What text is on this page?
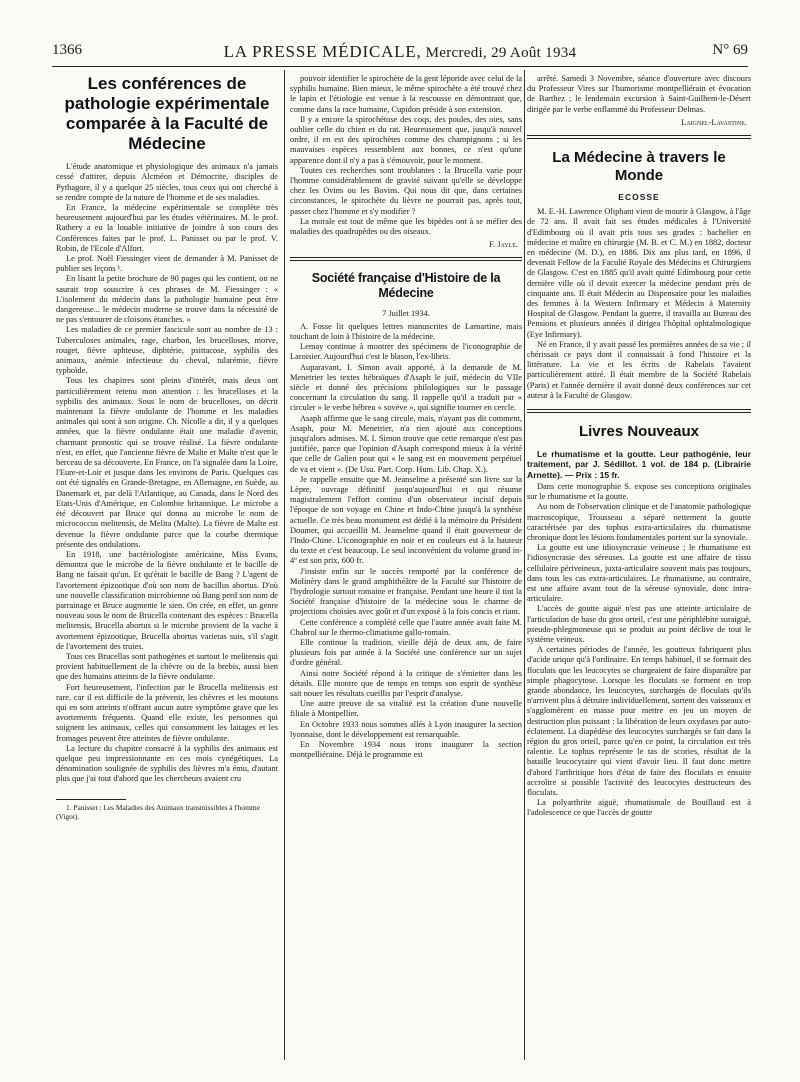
1366	LA PRESSE MÉDICALE, Mercredi, 29 Août 1934	N° 69
Les conférences de pathologie expérimentale comparée à la Faculté de Médecine

L'étude anatomique et physiologique des animaux n'a jamais cessé d'attirer, depuis Alcméon et Démocrite, disciples de Pythagore, il y a quelque 25 siècles, tous ceux qui ont cherché à se rendre compte de la nature de l'homme et de ses maladies.

En France, la médecine expérimentale se complète très heureusement aujourd'hui par les études vétérinaires. M. le prof. Rathery a eu la louable initiative de joindre à son cours des Conférences faites par le prof. L. Panisset ou par le prof. V. Robin, de l'Ecole d'Alfort.

Le prof. Noël Fiessinger vient de demander à M. Panisset de publier ses leçons ¹.

En lisant la petite brochure de 90 pages qui les contient, on ne saurait trop souscrire à ces phrases de M. Fiessinger : « L'isolement du médecin dans la pathologie humaine peut être dangereuse... le médecin moderne se trouve dans la nécessité de ne pas s'entourer de cloisons étanches. »

Les maladies de ce premier fascicule sont au nombre de 13 : Tuberculoses animales, rage, charbon, les brucelloses, morve, rouget, fièvre aphteuse, diphtérie, psittacose, syphilis des animaux, anémie infectieuse du cheval, tularémie, fièvre typhoïde.

Tous les chapitres sont pleins d'intérêt, mais deux ont particulièrement retenu mon attention : les brucelloses et la syphilis des animaux. Sous le nom de brucelloses, on décrit maintenant la fièvre ondulante de l'homme et les maladies animales qui sont à son origine. Ch. Nicolle a dit, il y a quelques années, que la fièvre ondulante était une maladie d'avenir, charmant pronostic qui se trouve réalisé. La fièvre ondulante n'est, en effet, que l'ancienne fièvre de Malte et Malte n'est que le berceau de sa découverte. En France, on l'a signalée dans la Loire, l'Eure-et-Loir et jusque dans les environs de Paris. Quelques cas ont été signalés en Grande-Bretagne, en Allemagne, en Suède, au Danemark et, par delà l'Atlantique, au Canada, dans le Nord des Etats-Unis d'Amérique, en Colombie britannique. Le microbe a été découvert par Bruce qui donna au microbe le nom de micrococcus melitensis, de Melita (Malte). La fièvre de Malte est devenue la fièvre ondulante parce que la courbe thermique présente des ondulations.

En 1918, une bactériologiste américaine, Miss Evans, démontra que le microbe de la fièvre ondulante et le bacille de Bang ne faisait qu'un. Et qu'était le bacille de Bang ? L'agent de l'avortement épizootique d'où son nom de bacillus abortus. D'où une nouvelle classification microbienne où Bang perd son nom de parrainage et Bruce augmente le sien. On crée, en effet, un genre nouveau sous le nom de Brucella contenant des espèces : Brucella melitensis, Brucella abortus si le microbe provient de la vache à avortement épizootique, Brucella abortus varietas suis, s'il s'agit de l'avortement des truies.

Tous ces Brucellas sont pathogènes et surtout le melitensis qui provient habituellement de la chèvre ou de la brebis, aussi bien que des humains atteints de la fièvre ondulante.

Fort heureusement, l'infection par le Brucella melitensis est rare, car il est difficile de la prévenir, les chèvres et les moutons qui en sont atteints n'offrant aucun autre symptôme grave que les avortements fréquents. Quand elle existe, les personnes qui soignent les animaux, celles qui consomment les laitages et les fromages peuvent être atteintes de fièvre ondulante.

La lecture du chapitre consacré à la syphilis des animaux est quelque peu impressionnante en ces mois cynégétiques. La dénomination soulignée de syphilis des lièvres m'a ému, d'autant plus que j'ai tout d'abord que les chercheurs avaient cru

1. Panisset : Les Maladies des Animaux transmissibles à l'homme (Vigot).

pouvoir identifier le spirochète de la gent léporide avec celui de la syphilis humaine. Bien mieux, le même spirochète a été trouvé chez le lapin et l'étiologie est venue à la rescousse en démontrant que, comme dans la race humaine, Cupidon préside à son extension.

Il y a encore la spirochétose des coqs, des poules, des oies, sans oublier celle du chien et du rat. Heureusement que, jusqu'à nouvel ordre, il en est des spirochètes comme des champignons ; si les mauvaises espèces ressemblent aux bonnes, ce n'est qu'une apparence dont il n'y a pas à s'émouvoir, pour le moment.

Toutes ces recherches sont troublantes : la Brucella varie pour l'homme considérablement de gravité suivant qu'elle se développe chez les Ovins ou les Bovins. Qui nous dit que, dans certaines circonstances, le spirochète du lièvre ne pourrait pas, après tout, passer chez l'homme et s'y modifier ?

La morale est tout de même que les bipèdes ont à se méfier des maladies des quadrupèdes ou des oiseaux.

F. Jayle.
Société française d'Histoire de la Médecine
7 Juillet 1934.

A. Fosse lit quelques lettres manuscrites de Lamartine, mais touchant de loin à l'histoire de la médecine.

Lemay continue à montrer des spécimens de l'iconographie de Laroisier. Aujourd'hui c'est le blason, l'ex-libris.

Auparavant, I. Simon avait apporté, à la demande de M. Menetrier les textes hébraïques d'Asaph le juif, médecin du VIIe siècle et donné des précisions philologiques sur le passage concernant la circulation du sang. Il rappelle qu'il a traduit par « circuler » le verbe hébreu « sovève », qui signifie tourner en cercle.

Asaph affirme que le sang circule, mais, n'ayant pas dit comment, Asaph, pour M. Menetrier, n'a rien ajouté aux conceptions jusqu'alors admises. M. I. Simon trouve que cette remarque n'est pas justifiée, parce que l'opinion d'Asaph correspond mieux à la vérité que celle de Galien pour qui « le sang est en mouvement perpétuel de va et vient ». (De Usu. Part. Corp. Hum. Lib. Chap. X.).

Je rappelle ensuite que M. Jeanselme a présenté son livre sur la Lèpre, ouvrage définitif jusqu'aujourd'hui et qui résume magistralement l'effort continu d'un observateur incisif depuis l'époque de son voyage en Chine et Indo-Chine jusqu'à la synthèse actuelle. Ce très beau monument est dédié à la mémoire du Président Doumer, qui accueillit M. Jeanselme quand il était gouverneur de l'Indo-Chine. L'iconographie en noir et en couleurs est à la hauteur du texte et c'est beaucoup. Le seul inconvénient du volume grand in-4º est son prix, 600 fr.

J'insiste enfin sur le succès remporté par la conférence de Molinéry dans le grand amphithéâtre de la Faculté sur l'histoire de l'hydrologie surtout romaine et française. Pendant une heure il tint la Société française d'histoire de la médecine sous le charme de projections choisies avec goût et d'un exposé à la fois concis et riant.

Cette conférence a complété celle que l'autre année avait faite M. Chabrol sur le thermo-climatisme gallo-romain.

Elle continue la tradition, vieille déjà de deux ans, de faire plusieurs fois par année à la Société une conférence sur un sujet d'ordre général.

Ainsi notre Société répond à la critique de s'émietter dans les détails. Elle montre que de temps en temps son esprit de synthèse sait nouer les résultats cueillis par l'esprit d'analyse.

Une autre preuve de sa vitalité est la création d'une nouvelle filiale à Montpellier.

En Octobre 1933 nous sommes allés à Lyon inaugurer la section lyonnaise, dont le développement est remarquable.

En Novembre 1934 nous irons inaugurer la section montpelliéraine. Déjà le programme est

arrêté. Samedi 3 Novembre, séance d'ouverture avec discours du Professeur Vires sur l'humorisme montpelliérain et évocation de Barthez ; le lendemain excursion à Saint-Guilhem-le-Désert dirigée par le verbe enflammé du Professeur Delmas.

Laignel-Lavastine.
La Médecine à travers le Monde
ECOSSE

M. E.-H. Lawrence Oliphant vient de mourir à Glasgow, à l'âge de 72 ans. Il avait fait ses études médicales à l'Université d'Edimbourg où il avait pris tous ses grades : bachelier en médecine et maître en chirurgie (M. B. et C. M.) en 1882, docteur en médecine (M. D.), en 1886. Dix ans plus tard, en 1896, il devenait Fellow de la Faculté Royale des Médecins et Chirurgiens de Glasgow. C'est en 1885 qu'il avait quitté Edimbourg pour cette dernière ville où il devait exercer la médecine pendant près de cinquante ans. Il était Médecin au Dispensaire pour les maladies des femmes à la Western Infirmary et Médecin à Maternity Hospital de Glasgow. Pendant la guerre, il travailla au Bureau des Pensions et plusieurs années il dirigea l'hôpital ophtalmologique (Eye Infirmary).

Né en France, il y avait passé les premières années de sa vie ; il chérissait ce pays dont il connaissait à fond l'histoire et la littérature. La vie et les écrits de Rabelais l'avaient particulièrement attiré. Il était membre de la Société Rabelais (Paris) et l'année dernière il avait donné deux conférences sur cet auteur à la Faculté de Glasgow.

Livres Nouveaux

Le rhumatisme et la goutte. Leur pathogénie, leur traitement, par J. Sédillot. 1 vol. de 184 p. (Librairie Arnette). — Prix : 15 fr.

Dans cette monographie S. expose ses conceptions originales sur le rhumatisme et la goutte.

Au nom de l'observation clinique et de l'anatomie pathologique macroscopique, Trousseau a séparé nettement la goutte caractérisée par des tophus extra-articulaires du rhumatisme chronique dont les lésions fondamentales portent sur la synoviale.

La goutte est une idiosyncrasie veineuse ; le rhumatisme est l'idiosyncrasie des séreuses. La goutte est une affaire de tissu cellulaire périveineux, juxta-articulaire souvent mais pas toujours, dans tous les cas extra-articulaires. Le rhumatisme, au contraire, est une affaire avant tout de la séreuse synoviale, donc intra-articulaire.

L'accès de goutte aiguë n'est pas une atteinte articulaire de l'articulation de base du gros orteil, c'est une périphlébite suraiguë, pseudo-phlegmoneuse qui se produit au point déclive de tout le système veineux.

A certaines périodes de l'année, les goutteux fabriquent plus d'acide urique qu'à l'ordinaire. En temps habituel, il se formait des floculats que les leucocytes se chargeaient de faire disparaître par simple phagocytose. Lorsque les floculats se forment en trop grande abondance, les leucocytes, surchargés de floculats qu'ils n'arrivent plus à détruire individuellement, sortent des vaisseaux et s'agglomèrent en masse pour mettre en jeu un moyen de destruction plus puissant : la libération de leurs oxydases par auto-éclatement. La diapédèse des leucocytes surchargés se fait dans la région du gros orteil, parce qu'en ce point, la circulation est très ralentie. Le tophus représente le tas de scories, résultat de la bataille leucocytaire qui vient d'avoir lieu. Il faut donc mettre d'abord l'arthritique hors d'état de faire des floculats et ensuite accroître si possible l'activité des leucocytes destructeurs des floculats.

La polyarthrite aiguë, rhumatismale de Bouillaud est à l'adolescence ce que l'accès de goutte
